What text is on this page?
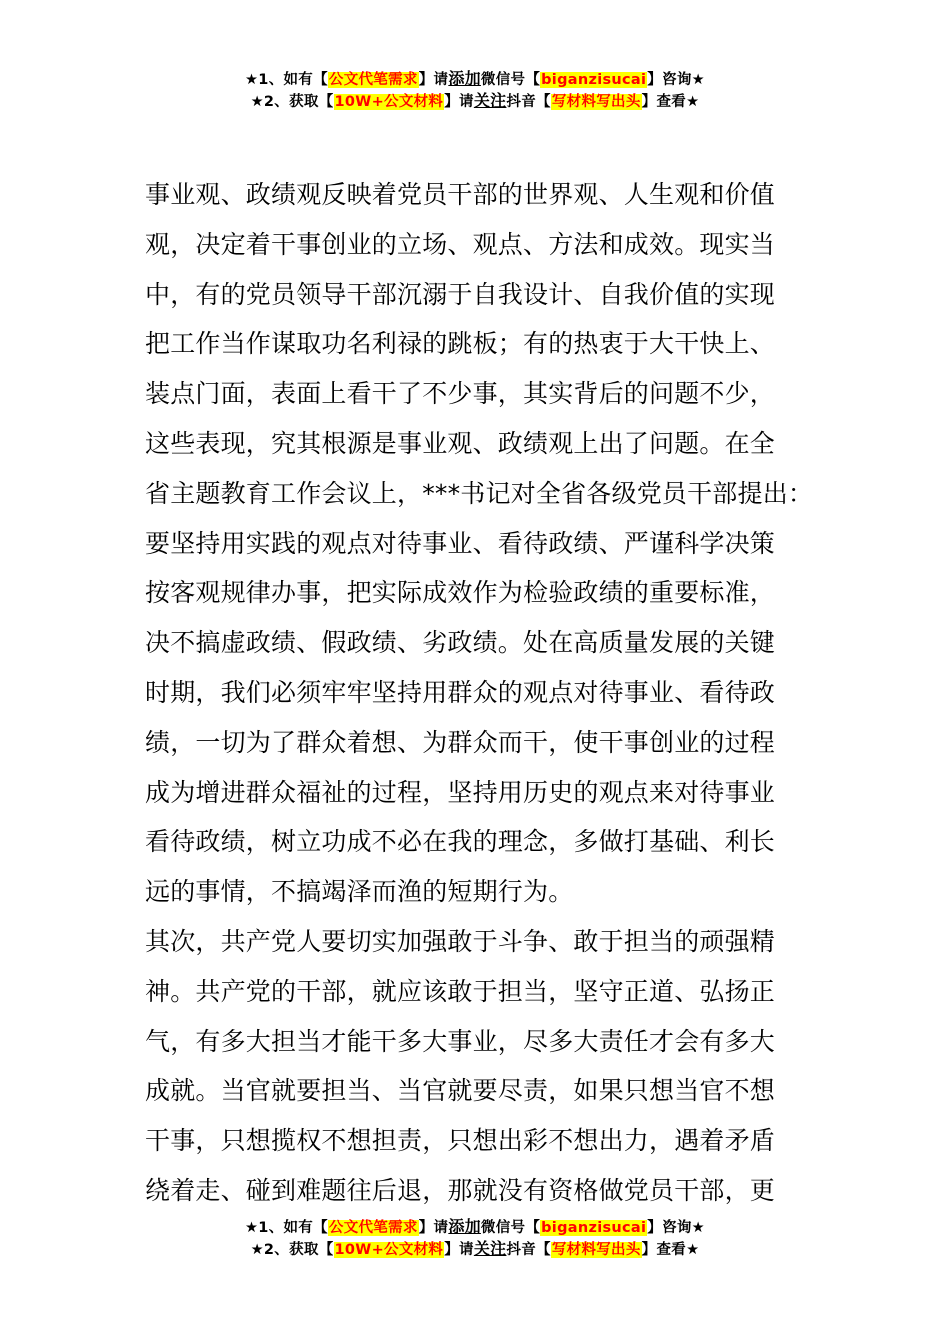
★1、如有【公文代笔需求】请添加微信号【biganzisucai】咨询★
★2、获取【10W+公文材料】请关注抖音【写材料写出头】查看★
事业观、政绩观反映着党员干部的世界观、人生观和价值
观，决定着干事创业的立场、观点、方法和成效。现实当
中，有的党员领导干部沉溺于自我设计、自我价值的实现
把工作当作谋取功名利禄的跳板；有的热衷于大干快上、
装点门面，表面上看干了不少事，其实背后的问题不少，
这些表现，究其根源是事业观、政绩观上出了问题。在全
省主题教育工作会议上，***书记对全省各级党员干部提出：
要坚持用实践的观点对待事业、看待政绩、严谨科学决策
按客观规律办事，把实际成效作为检验政绩的重要标准，
决不搞虚政绩、假政绩、劣政绩。处在高质量发展的关键
时期，我们必须牢牢坚持用群众的观点对待事业、看待政
绩，一切为了群众着想、为群众而干，使干事创业的过程
成为增进群众福祉的过程，坚持用历史的观点来对待事业
看待政绩，树立功成不必在我的理念，多做打基础、利长
远的事情，不搞竭泽而渔的短期行为。
其次，共产党人要切实加强敢于斗争、敢于担当的顽强精
神。共产党的干部，就应该敢于担当，坚守正道、弘扬正
气，有多大担当才能干多大事业，尽多大责任才会有多大
成就。当官就要担当、当官就要尽责，如果只想当官不想
干事，只想揽权不想担责，只想出彩不想出力，遇着矛盾
绕着走、碰到难题往后退，那就没有资格做党员干部，更
★1、如有【公文代笔需求】请添加微信号【biganzisucai】咨询★
★2、获取【10W+公文材料】请关注抖音【写材料写出头】查看★
